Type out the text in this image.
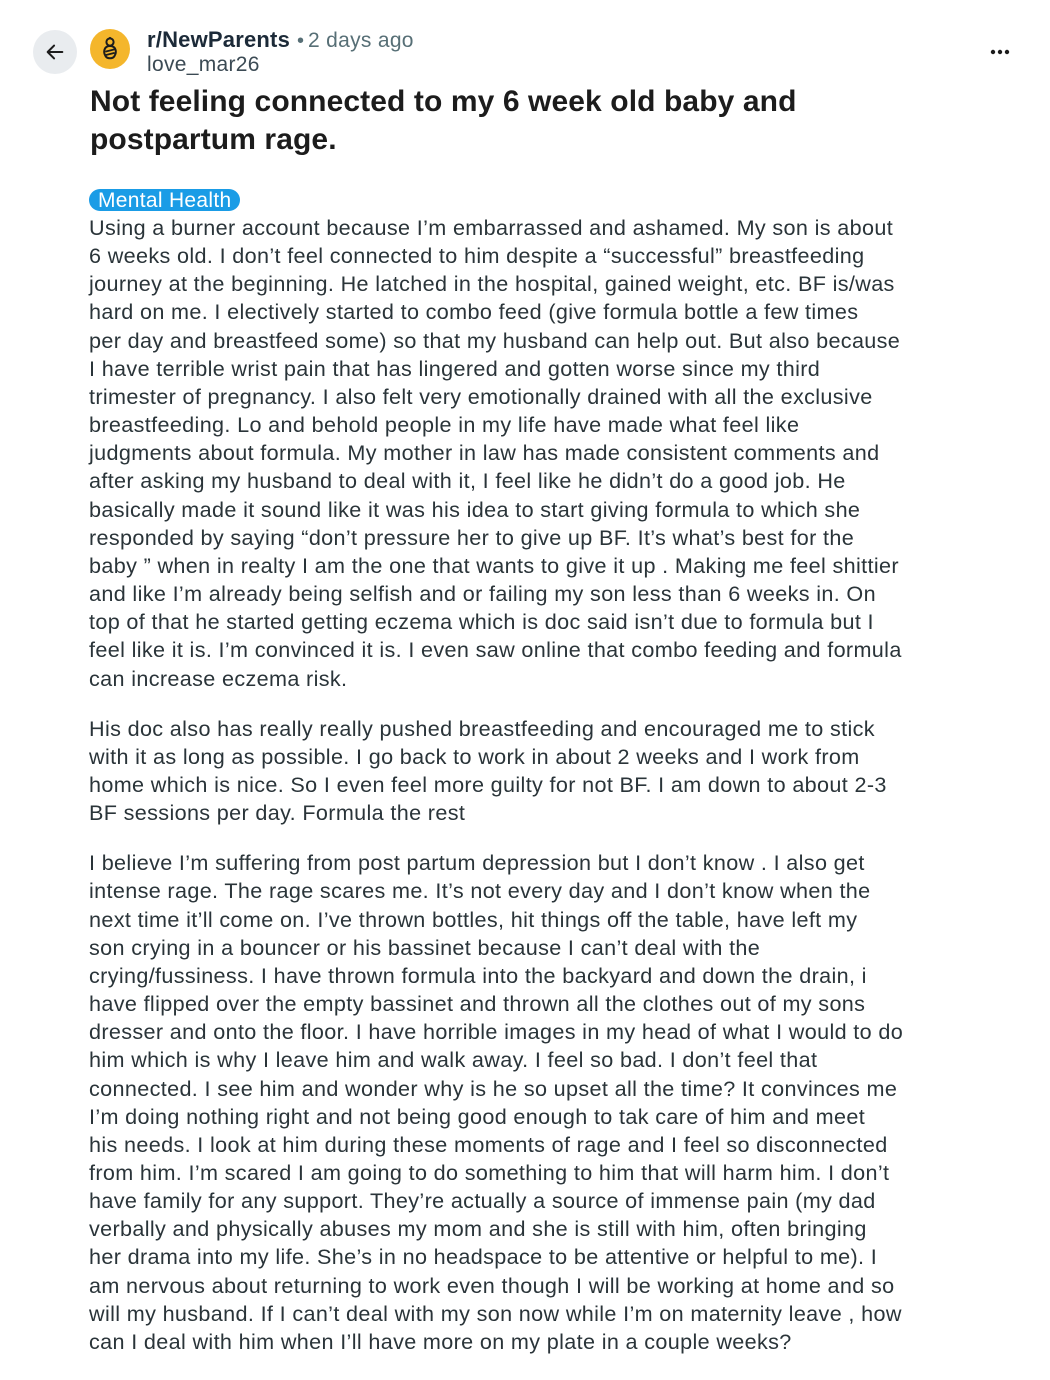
r/NewParents • 2 days ago
love_mar26
Not feeling connected to my 6 week old baby and
postpartum rage.
Mental Health

Using a burner account because I’m embarrassed and ashamed. My son is about
6 weeks old. I don’t feel connected to him despite a “successful” breastfeeding
journey at the beginning. He latched in the hospital, gained weight, etc. BF is/was
hard on me. I electively started to combo feed (give formula bottle a few times
per day and breastfeed some) so that my husband can help out. But also because
I have terrible wrist pain that has lingered and gotten worse since my third
trimester of pregnancy. I also felt very emotionally drained with all the exclusive
breastfeeding. Lo and behold people in my life have made what feel like
judgments about formula. My mother in law has made consistent comments and
after asking my husband to deal with it, I feel like he didn’t do a good job. He
basically made it sound like it was his idea to start giving formula to which she
responded by saying “don’t pressure her to give up BF. It’s what’s best for the
baby ” when in realty I am the one that wants to give it up . Making me feel shittier
and like I’m already being selfish and or failing my son less than 6 weeks in. On
top of that he started getting eczema which is doc said isn’t due to formula but I
feel like it is. I’m convinced it is. I even saw online that combo feeding and formula
can increase eczema risk.

His doc also has really really pushed breastfeeding and encouraged me to stick
with it as long as possible. I go back to work in about 2 weeks and I work from
home which is nice. So I even feel more guilty for not BF. I am down to about 2-3
BF sessions per day. Formula the rest

I believe I’m suffering from post partum depression but I don’t know . I also get
intense rage. The rage scares me. It’s not every day and I don’t know when the
next time it’ll come on. I’ve thrown bottles, hit things off the table, have left my
son crying in a bouncer or his bassinet because I can’t deal with the
crying/fussiness. I have thrown formula into the backyard and down the drain, i
have flipped over the empty bassinet and thrown all the clothes out of my sons
dresser and onto the floor. I have horrible images in my head of what I would to do
him which is why I leave him and walk away. I feel so bad. I don’t feel that
connected. I see him and wonder why is he so upset all the time? It convinces me
I’m doing nothing right and not being good enough to tak care of him and meet
his needs. I look at him during these moments of rage and I feel so disconnected
from him. I’m scared I am going to do something to him that will harm him. I don’t
have family for any support. They’re actually a source of immense pain (my dad
verbally and physically abuses my mom and she is still with him, often bringing
her drama into my life. She’s in no headspace to be attentive or helpful to me). I
am nervous about returning to work even though I will be working at home and so
will my husband. If I can’t deal with my son now while I’m on maternity leave , how
can I deal with him when I’ll have more on my plate in a couple weeks?
